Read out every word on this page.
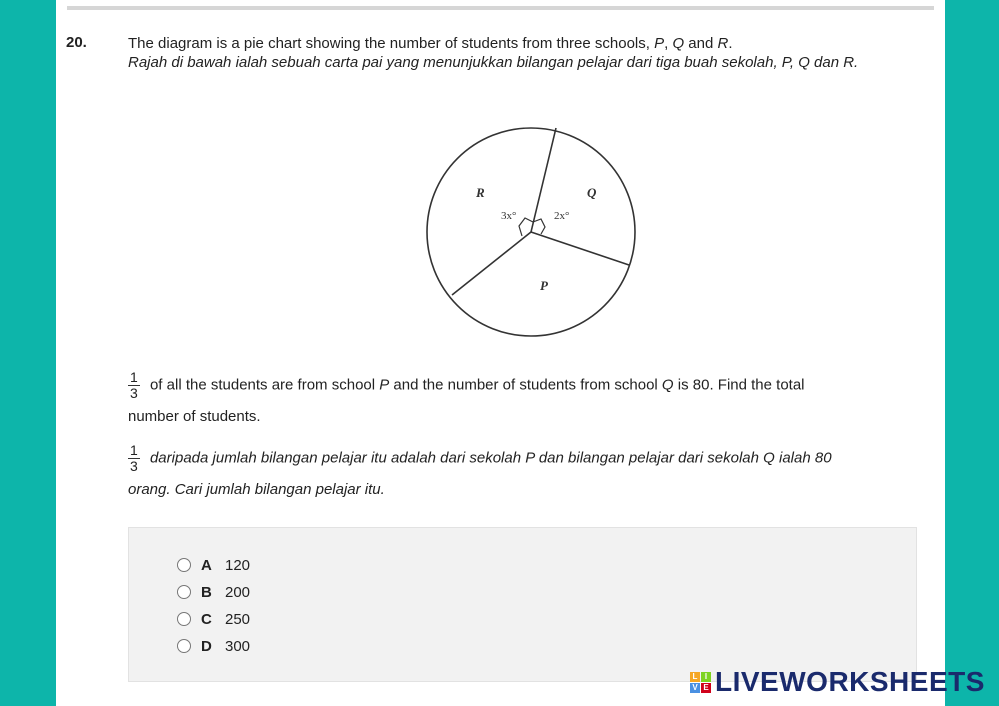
20.	The diagram is a pie chart showing the number of students from three schools, P, Q and R.

Rajah di bawah ialah sebuah carta pai yang menunjukkan bilangan pelajar dari tiga buah sekolah, P, Q dan R.

R	Q
P
3x°	2x°
$\frac{1}{3}$ of all the students are from school P and the number of students from school Q is 80. Find the total
number of students.
$\frac{1}{3}$ daripada jumlah bilangan pelajar itu adalah dari sekolah P dan bilangan pelajar dari sekolah Q ialah 80
orang. Cari jumlah bilangan pelajar itu.
A 120
B 200
C 250
D 300
L I
V E LIVEWORKSHEETS
